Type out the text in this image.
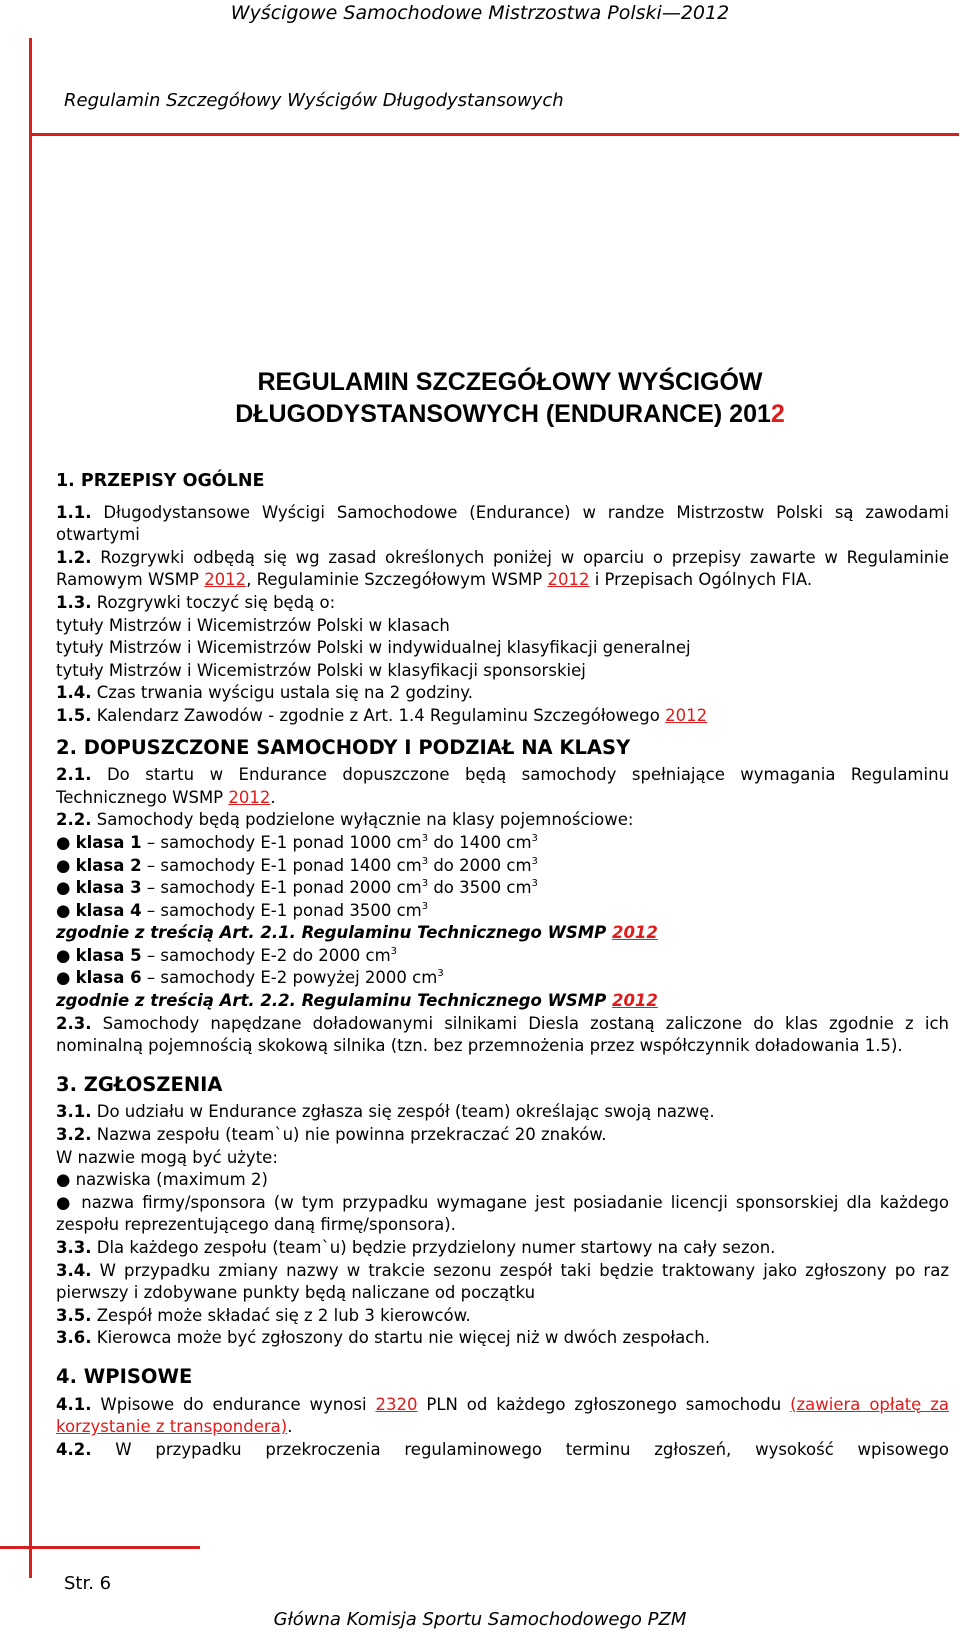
Wyścigowe Samochodowe Mistrzostwa Polski—2012
Regulamin Szczegółowy Wyścigów Długodystansowych
REGULAMIN SZCZEGÓŁOWY WYŚCIGÓW
DŁUGODYSTANSOWYCH (ENDURANCE) 2012
1. PRZEPISY OGÓLNE

1.1. Długodystansowe Wyścigi Samochodowe (Endurance) w randze Mistrzostw Polski są zawodami otwartymi

1.2. Rozgrywki odbędą się wg zasad określonych poniżej w oparciu o przepisy zawarte w Regulaminie Ramowym WSMP 2012, Regulaminie Szczegółowym WSMP 2012 i Przepisach Ogólnych FIA.

1.3. Rozgrywki toczyć się będą o:

tytuły Mistrzów i Wicemistrzów Polski w klasach

tytuły Mistrzów i Wicemistrzów Polski w indywidualnej klasyfikacji generalnej

tytuły Mistrzów i Wicemistrzów Polski w klasyfikacji sponsorskiej

1.4. Czas trwania wyścigu ustala się na 2 godziny.

1.5. Kalendarz Zawodów - zgodnie z Art. 1.4 Regulaminu Szczegółowego 2012

2. DOPUSZCZONE SAMOCHODY I PODZIAŁ NA KLASY

2.1. Do startu w Endurance dopuszczone będą samochody spełniające wymagania Regulaminu Technicznego WSMP 2012.

2.2. Samochody będą podzielone wyłącznie na klasy pojemnościowe:

● klasa 1 – samochody E-1 ponad 1000 $cm^3$ do 1400 $cm^3$

● klasa 2 – samochody E-1 ponad 1400 $cm^3$ do 2000 $cm^3$

● klasa 3 – samochody E-1 ponad 2000 $cm^3$ do 3500 $cm^3$

● klasa 4 – samochody E-1 ponad 3500 $cm^3$

zgodnie z treścią Art. 2.1. Regulaminu Technicznego WSMP 2012

● klasa 5 – samochody E-2 do 2000 $cm^3$

● klasa 6 – samochody E-2 powyżej 2000 $cm^3$

zgodnie z treścią Art. 2.2. Regulaminu Technicznego WSMP 2012

2.3. Samochody napędzane doładowanymi silnikami Diesla zostaną zaliczone do klas zgodnie z ich nominalną pojemnością skokową silnika (tzn. bez przemnożenia przez współczynnik doładowania 1.5).

3. ZGŁOSZENIA

3.1. Do udziału w Endurance zgłasza się zespół (team) określając swoją nazwę.

3.2. Nazwa zespołu (team`u) nie powinna przekraczać 20 znaków.

W nazwie mogą być użyte:

● nazwiska (maximum 2)

● nazwa firmy/sponsora (w tym przypadku wymagane jest posiadanie licencji sponsorskiej dla każdego zespołu reprezentującego daną firmę/sponsora).

3.3. Dla każdego zespołu (team`u) będzie przydzielony numer startowy na cały sezon.

3.4. W przypadku zmiany nazwy w trakcie sezonu zespół taki będzie traktowany jako zgłoszony po raz pierwszy i zdobywane punkty będą naliczane od początku

3.5. Zespół może składać się z 2 lub 3 kierowców.

3.6. Kierowca może być zgłoszony do startu nie więcej niż w dwóch zespołach.

4. WPISOWE

4.1. Wpisowe do endurance wynosi 2320 PLN od każdego zgłoszonego samochodu (zawiera opłatę za korzystanie z transpondera).

4.2. W przypadku przekroczenia regulaminowego terminu zgłoszeń, wysokość wpisowego

Str. 6
Główna Komisja Sportu Samochodowego PZM
